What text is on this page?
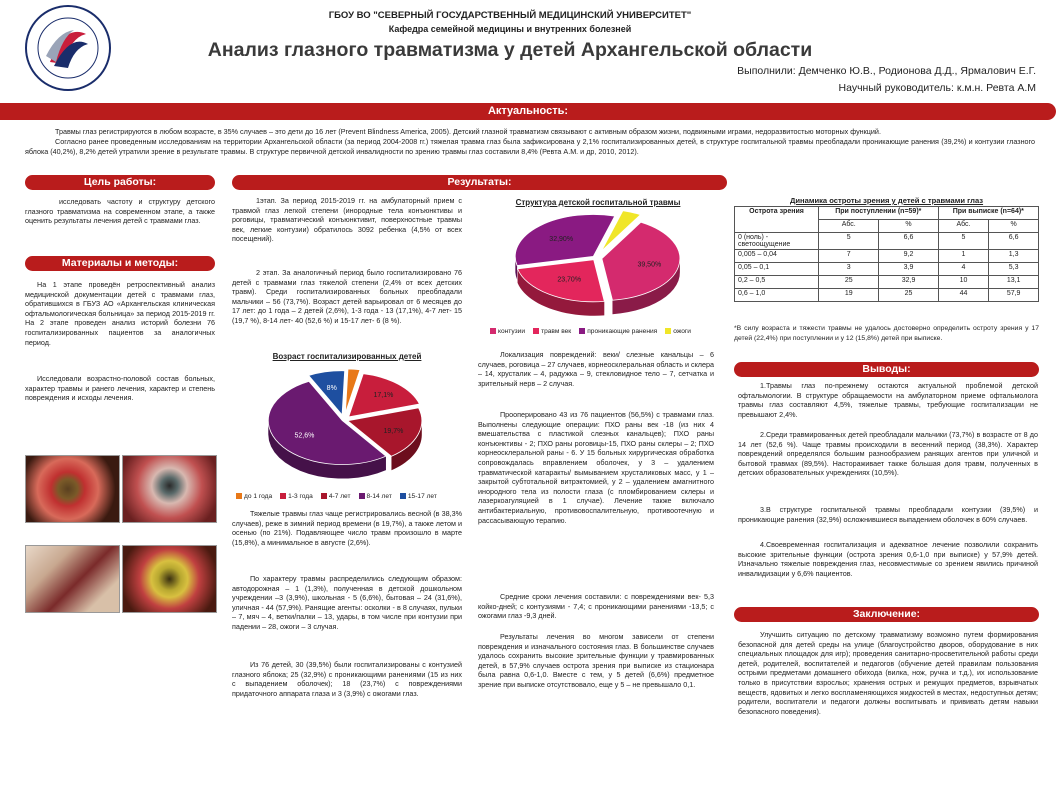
ГБОУ ВО "СЕВЕРНЫЙ ГОСУДАРСТВЕННЫЙ МЕДИЦИНСКИЙ УНИВЕРСИТЕТ"
Кафедра семейной медицины и внутренних болезней
Анализ глазного травматизма у детей Архангельской области
Выполнили: Демченко Ю.В., Родионова Д.Д., Ярмалович Е.Г.
Научный руководитель: к.м.н. Ревта А.М
Актуальность:
Травмы глаз регистрируются в любом возрасте, в 35% случаев – это дети до 16 лет (Prevent Blindness America, 2005). Детский глазной травматизм связывают с активным образом жизни, подвижными играми, недоразвитостью моторных функций.
Согласно ранее проведенным исследованиям на территории Архангельской области (за период 2004-2008 гг.) тяжелая травма глаз была зафиксирована у 2,1% госпитализированных детей, в структуре госпитальной травмы преобладали проникающие ранения (39,2%) и контузии глазного яблока (40,2%), 8,2% детей утратили зрение в результате травмы. В структуре первичной детской инвалидности по зрению травмы глаз составили 8,4% (Ревта А.М. и др, 2010, 2012).
Цель работы:
исследовать частоту и структуру детского глазного травматизма на современном этапе, а также оценить результаты лечения детей с травмами глаз.
Материалы и методы:
На 1 этапе проведён ретроспективный анализ медицинской документации детей с травмами глаз, обратившихся в ГБУЗ АО «Архангельская клиническая офтальмологическая больница» за период 2015-2019 гг. На 2 этапе проведен анализ историй болезни 76 госпитализированных пациентов за аналогичных период.
Исследовали возрастно-половой состав больных, характер травмы и ранего лечения, характер и степень повреждения и исходы лечения.
Результаты:
1этап. За период 2015-2019 гг. на амбулаторный прием с травмой глаз легкой степени (инородные тела конъюнктивы и роговицы, травматический конъюнктивит, поверхностные травмы век, легкие контузии) обратилось 3092 ребенка (4,5% от всех посещений).
2 этап. За аналогичный период было госпитализировано 76 детей с травмами глаз тяжелой степени (2,4% от всех детских травм). Среди госпитализированных больных преобладали мальчики – 56 (73,7%). Возраст детей варьировал от 6 месяцев до 17 лет: до 1 года – 2 детей (2,6%), 1-3 года - 13 (17,1%), 4-7 лет- 15 (19,7 %), 8-14 лет- 40 (52,6 %) и 15-17 лет- 6 (8 %).
Возраст госпитализированных детей
17,1%
19,7%
52,6%
8%
до 1 года	1-3 года	4-7 лет	8-14 лет	15-17 лет
Тяжелые травмы глаз чаще регистрировались весной (в 38,3% случаев), реже в зимний период времени (в 19,7%), а также летом и осенью (по 21%). Подавляющее число травм произошло в марте (15,8%), а минимальное в августе (2,6%).
По характеру травмы распределились следующим образом: автодорожная – 1 (1,3%), полученная в детской дошкольном учреждении –3 (3,9%), школьная - 5 (6,6%), бытовая – 24 (31,6%), уличная - 44 (57,9%). Ранящие агенты: осколки - в 8 случаях, пульки – 7, мяч – 4, ветки/палки – 13, удары, в том числе при контузии при падении – 28, ожоги – 3 случая.
Из 76 детей, 30 (39,5%) были госпитализированы с контузией глазного яблока; 25 (32,9%) с проникающими ранениями (15 из них с выпадением оболочек); 18 (23,7%) с повреждениями придаточного аппарата глаза и 3 (3,9%) с ожогами глаз.
Структура детской госпитальной травмы
39,50%
23,70%
32,90%
контузии	травм век	проникающие ранения	ожоги
Локализация повреждений: веки/ слезные канальцы – 6 случаев, роговица – 27 случаев, корнеосклеральная область и склера – 14, хрусталик – 4, радужка – 9, стекловидное тело – 7, сетчатка и зрительный нерв – 2 случая.
Прооперировано 43 из 76 пациентов (56,5%) с травмами глаз. Выполнены следующие операции: ПХО раны век -18 (из них 4 вмешательства с пластикой слезных канальцев); ПХО раны конъюнктивы - 2; ПХО раны роговицы-15, ПХО раны склеры – 2; ПХО корнеосклеральной раны - 6. У 15 больных хирургическая обработка сопровождалась вправлением оболочек, у 3 – удалением травматической катаракты/ вымыванием хрусталиковых масс, у 1 – закрытой субтотальной витрэктомией, у 2 – удалением амагнитного инородного тела из полости глаза (с пломбированием склеры и лазеркоагуляцией в 1 случае). Лечение также включало антибактериальную, противовоспалительную, противоотечную и рассасывающую терапию.
Средние сроки лечения составили: с повреждениями век- 5,3 койко-дней; с контузиями - 7,4; с проникающими ранениями -13,5; с ожогами глаз -9,3 дней.
Результаты лечения во многом зависели от степени повреждения и изначального состояния глаз. В большинстве случаев удалось сохранить высокие зрительные функции у травмированных детей, в 57,9% случаев острота зрения при выписке из стационара была равна 0,6-1,0. Вместе с тем, у 5 детей (6,6%) предметное зрение при выписке отсутствовало, еще у 5 – не превышало 0,1.
Динамика остроты зрения у детей с травмами глаз
Острота зрения	При поступлении (n=59)*		При выписке (n=64)*	
	Абс.	%	Абс.	%
0 (ноль) - светоощущение	5	6,6	5	6,6
0,005 – 0,04	7	9,2	1	1,3
0,05 – 0,1	3	3,9	4	5,3
0,2 – 0,5	25	32,9	10	13,1
0,6 – 1,0	19	25	44	57,9
*В силу возраста и тяжести травмы не удалось достоверно определить остроту зрения у 17 детей (22,4%) при поступлении и у 12 (15,8%) детей при выписке.
Выводы:
1.Травмы глаз по-прежнему остаются актуальной проблемой детской офтальмологии. В структуре обращаемости на амбулаторном приеме офтальмолога травмы глаз составляют 4,5%, тяжелые травмы, требующие госпитализации не превышают 2,4%.
2.Среди травмированных детей преобладали мальчики (73,7%) в возрасте от 8 до 14 лет (52,6 %). Чаще травмы происходили в весенний период (38,3%). Характер повреждений определялся большим разнообразием ранящих агентов при уличной и бытовой травмах (89,5%). Настораживает также большая доля травм, полученных в детских образовательных учреждениях (10,5%).
3.В структуре госпитальной травмы преобладали контузии (39,5%) и проникающие ранения (32,9%) осложнившиеся выпадением оболочек в 60% случаев.
4.Своевременная госпитализация и адекватное лечение позволили сохранить высокие зрительные функции (острота зрения 0,6-1,0 при выписке) у 57,9% детей. Изначально тяжелые повреждения глаз, несовместимые со зрением явились причиной инвалидизации у 6,6% пациентов.
Заключение:
Улучшить ситуацию по детскому травматизму возможно путем формирования безопасной для детей среды на улице (благоустройство дворов, оборудование в них специальных площадок для игр); проведения санитарно-просветительной работы среди детей, родителей, воспитателей и педагогов (обучение детей правилам пользования острыми предметами домашнего обихода (вилка, нож, ручка и т.д.), их использование только в присутствии взрослых; хранения острых и режущих предметов, взрывчатых веществ, ядовитых и легко воспламеняющихся жидкостей в местах, недоступных детям; родители, воспитатели и педагоги должны воспитывать и прививать детям навыки безопасного поведения).
